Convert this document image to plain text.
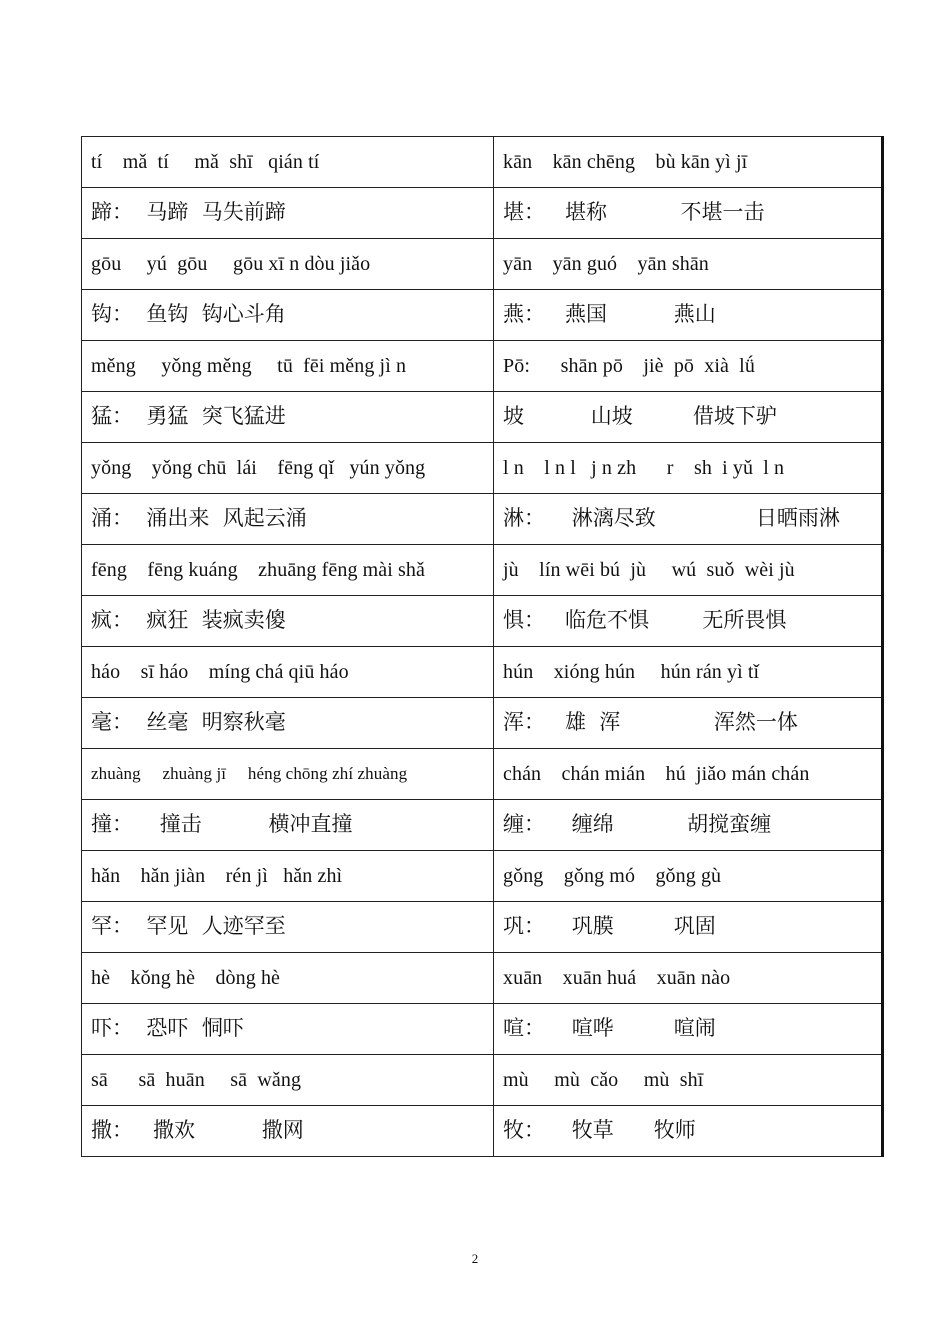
tí    mǎ  tí     mǎ  shī   qián tí	kān    kān chēng    bù kān yì jī
蹄：  马蹄  马失前蹄	堪：   堪称           不堪一击
gōu     yú  gōu     gōu xī n dòu jiǎo	yān    yān guó    yān shān
钩：  鱼钩  钩心斗角	燕：   燕国          燕山
měng     yǒng měng     tū  fēi měng jì n	Pō:      shān pō    jiè  pō  xià  lǘ
猛：  勇猛  突飞猛进	坡          山坡         借坡下驴
yǒng    yǒng chū  lái    fēng qǐ   yún yǒng	l n    l n l   j n zh      r    sh  i yǔ  l n
涌：  涌出来  风起云涌	淋：    淋漓尽致               日晒雨淋
fēng    fēng kuáng    zhuāng fēng mài shǎ	jù    lín wēi bú  jù     wú  suǒ  wèi jù
疯：  疯狂  装疯卖傻	惧：   临危不惧        无所畏惧
háo    sī háo    míng chá qiū háo	hún    xióng hún     hún rán yì tǐ
毫：  丝毫  明察秋毫	浑：   雄  浑              浑然一体
zhuàng     zhuàng jī     héng chōng zhí zhuàng	chán    chán mián    hú  jiǎo mán chán
撞：    撞击          横冲直撞	缠：    缠绵           胡搅蛮缠
hǎn    hǎn jiàn    rén jì   hǎn zhì	gǒng    gǒng mó    gǒng gù
罕：  罕见  人迹罕至	巩：    巩膜         巩固
hè    kǒng hè    dòng hè	xuān    xuān huá    xuān nào
吓：  恐吓  恫吓	喧：    喧哗         喧闹
sā      sā  huān     sā  wǎng	mù     mù  cǎo     mù  shī
撒：   撒欢          撒网	牧：    牧草      牧师
2
